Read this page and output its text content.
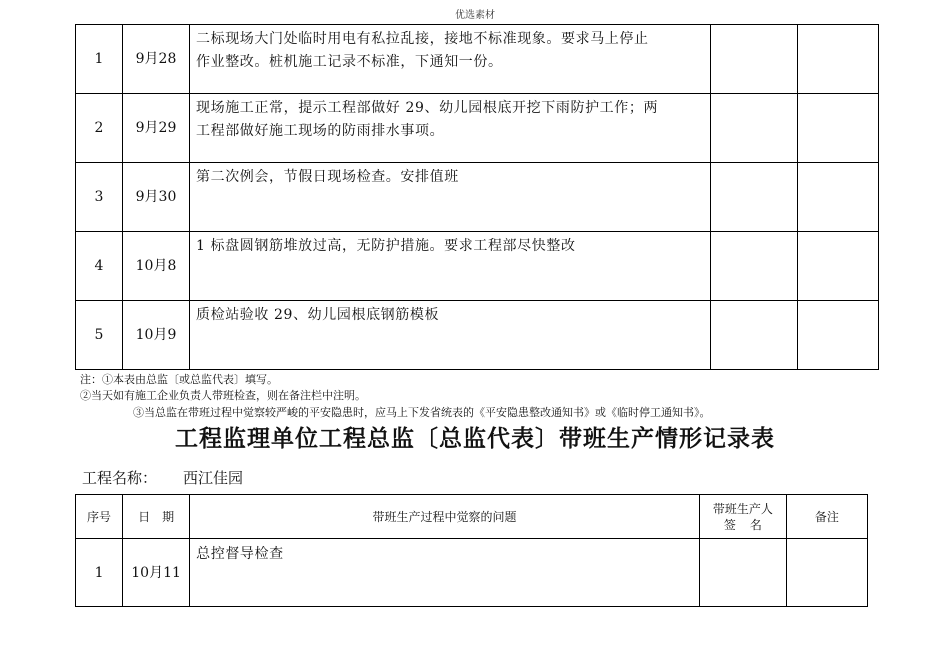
优选素材
1	9月28	二标现场大门处临时用电有私拉乱接，接地不标准现象。要求马上停止

作业整改。桩机施工记录不标准，下通知一份。		

2	9月29	现场施工正常，提示工程部做好 29、幼儿园根底开挖下雨防护工作；两

工程部做好施工现场的防雨排水事项。		

3	9月30	第二次例会，节假日现场检查。安排值班		

4	10月8	1 标盘圆钢筋堆放过高，无防护措施。要求工程部尽快整改		

5	10月9	质检站验收 29、幼儿园根底钢筋模板		

注：①本表由总监〔或总监代表〕填写。
②当天如有施工企业负责人带班检查，则在备注栏中注明。
③当总监在带班过程中觉察较严峻的平安隐患时，应马上下发省统表的《平安隐患整改通知书》或《临时停工通知书》。
工程监理单位工程总监〔总监代表〕带班生产情形记录表
工程名称： 西江佳园
序号	日　期	带班生产过程中觉察的问题	带班生产人
签名	备注
1	10月11	总控督导检查		
